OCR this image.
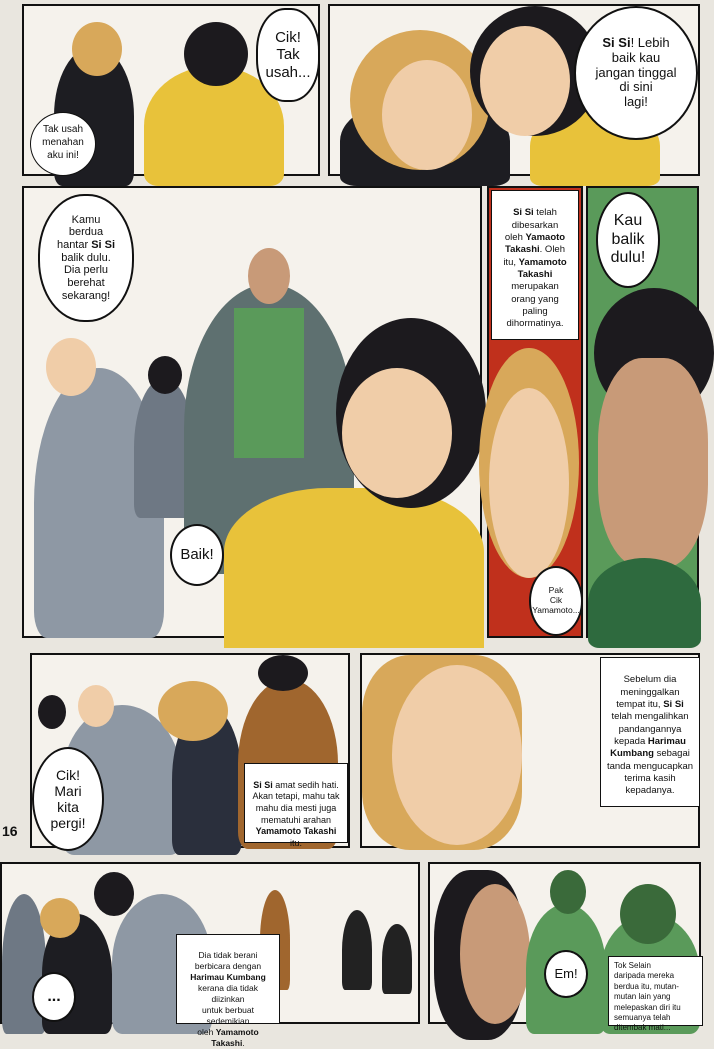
Cik!
Tak
usah...
Tak usah
menahan
aku ini!
Si Si! Lebih
baik kau
jangan tinggal
di sini
lagi!
Kamu
berdua
hantar Si Si
balik dulu.
Dia perlu
berehat
sekarang!
Baik!

Si Si telah
dibesarkan
oleh Yamaoto
Takashi. Oleh
itu, Yamamoto
Takashi
merupakan
orang yang
paling
dihormatinya.

Pak
Cik
Yamamoto...
Kau
balik
dulu!
Cik!
Mari
kita
pergi!

Si Si amat sedih hati.
Akan tetapi, mahu tak
mahu dia mesti juga
mematuhi arahan
Yamamoto Takashi
itu.

Sebelum dia
meninggalkan
tempat itu, Si Si
telah mengalihkan
pandangannya
kepada Harimau
Kumbang sebagai
tanda mengucapkan
terima kasih
kepadanya.

16
...

Dia tidak berani
berbicara dengan
Harimau Kumbang
kerana dia tidak diizinkan
untuk berbuat sedemikian
oleh Yamamoto
Takashi.

Em!
Tok Selain
daripada mereka
berdua itu, mutan-
mutan lain yang
melepaskan diri itu
semuanya telah
ditembak mati...
